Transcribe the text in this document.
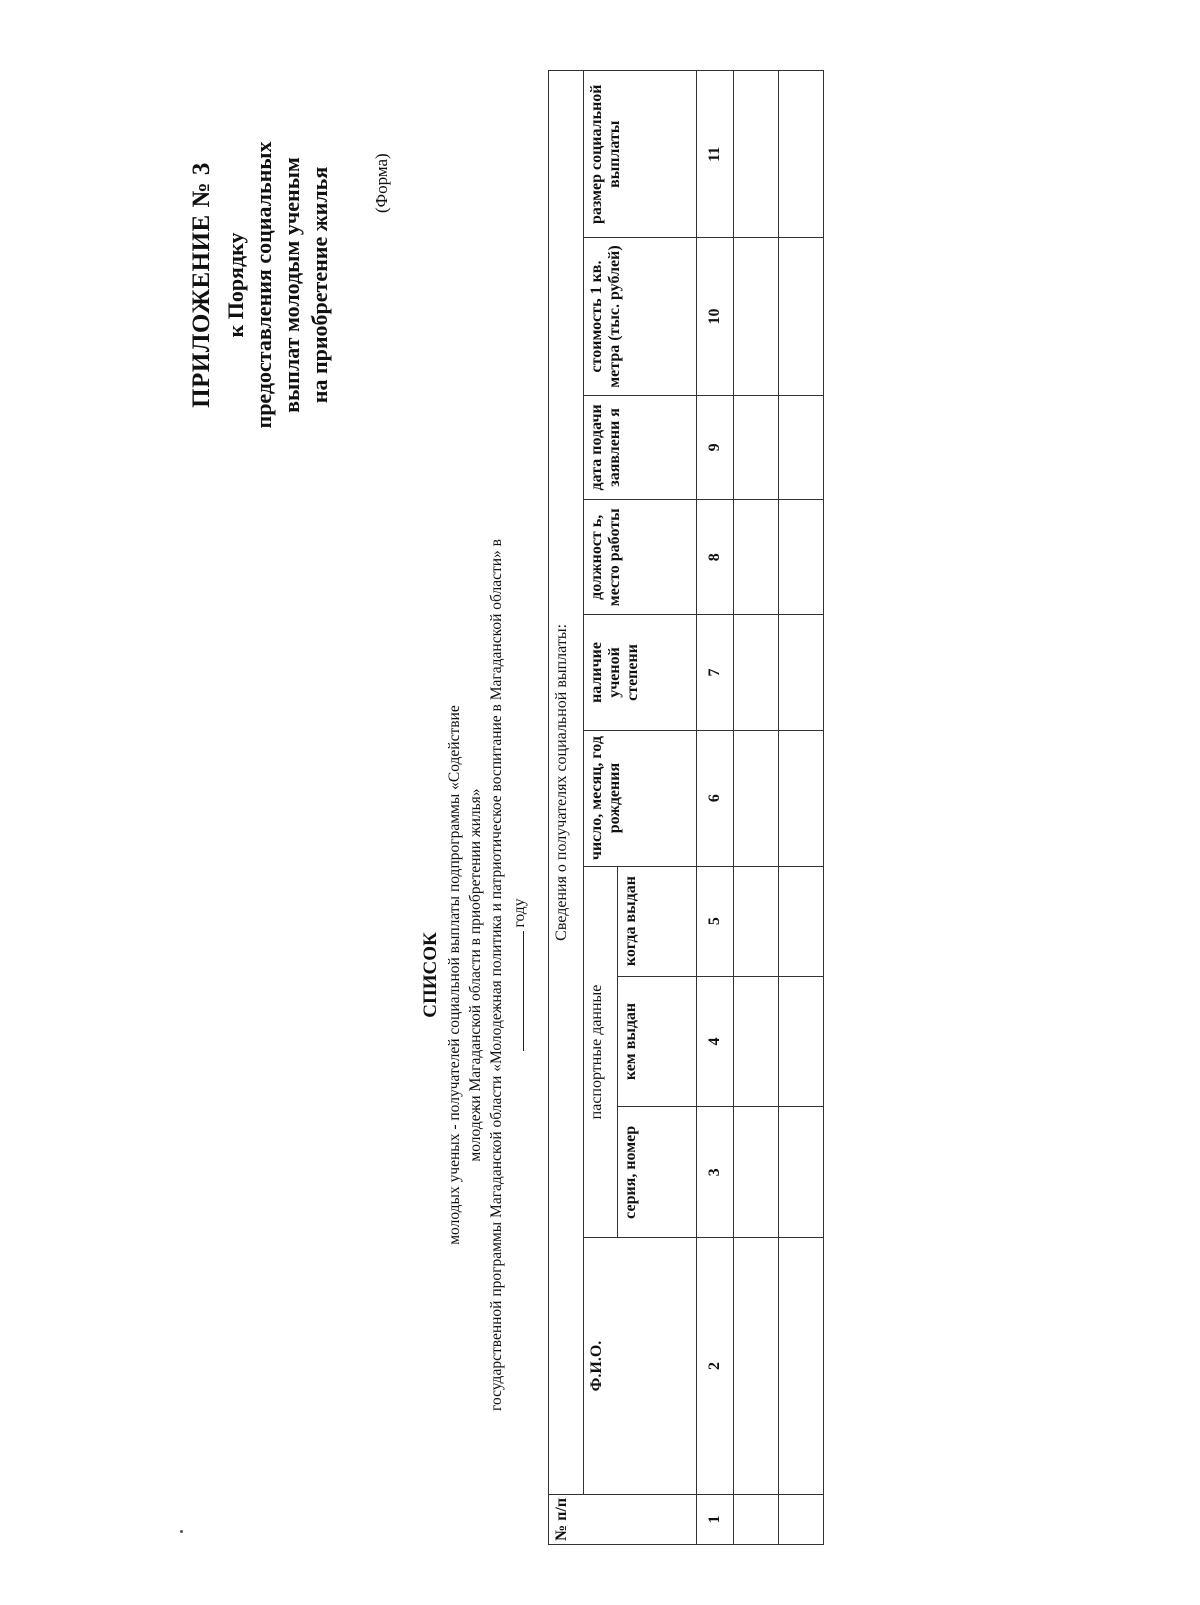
ПРИЛОЖЕНИЕ № 3 к Порядку предоставления социальных выплат молодым ученым на приобретение жилья (Форма)
СПИСОК молодых ученых - получателей социальной выплаты подпрограммы «Содействие молодежи Магаданской области в приобретении жилья» государственной программы Магаданской области «Молодежная политика и патриотическое воспитание в Магаданской области» в году
№ п/п	Сведения о получателях социальной выплаты:									
	Ф.И.О.	паспортные данные			число, месяц, год рождения	наличие ученой степени	должност ь, место работы	дата подачи заявлени я	стоимость 1 кв. метра (тыс. рублей)	размер социальной выплаты
		серия, номер	кем выдан	когда выдан						
1	2	3	4	5	6	7	8	9	10	11
